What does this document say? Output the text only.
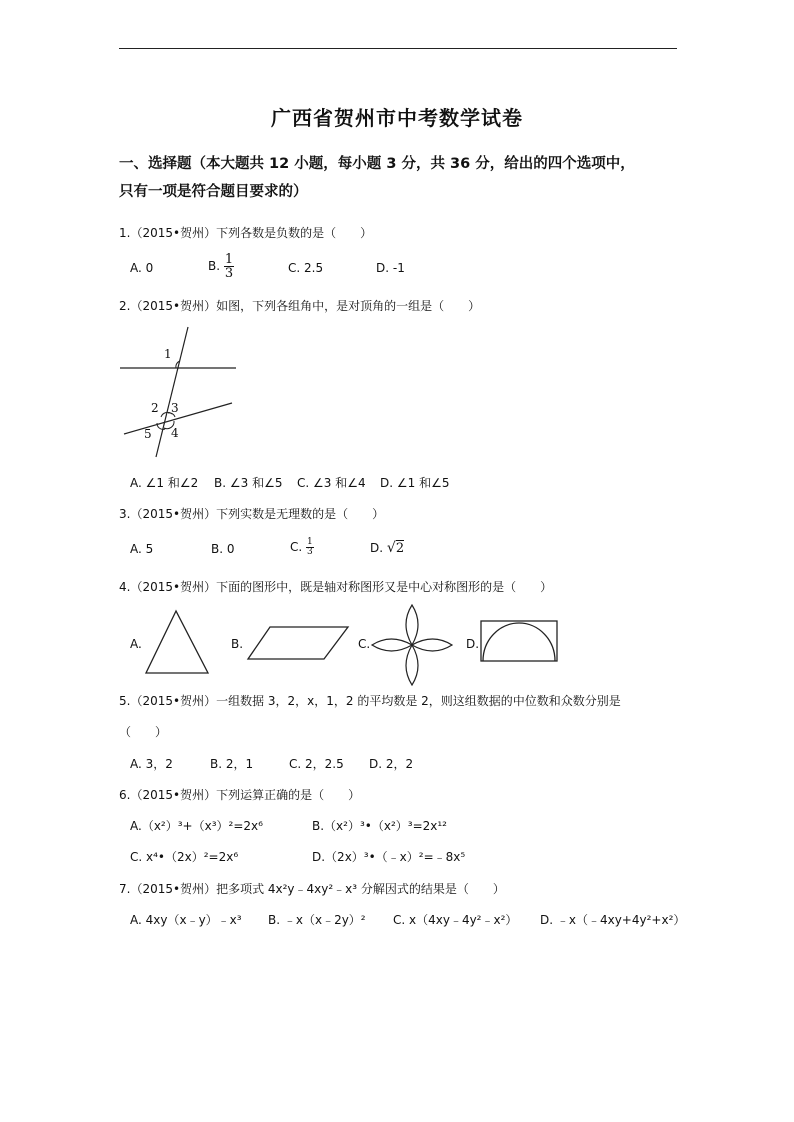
广西省贺州市中考数学试卷
一、选择题（本大题共 12 小题，每小题 3 分，共 36 分，给出的四个选项中，
只有一项是符合题目要求的）
1.（2015•贺州）下列各数是负数的是（　　）
A. 0	B. $\frac{1}{3}$	C. 2.5	D. -1
2.（2015•贺州）如图，下列各组角中，是对顶角的一组是（　　）
1
2 3
4
5
A. ∠1 和∠2 B. ∠3 和∠5 C. ∠3 和∠4 D. ∠1 和∠5
3.（2015•贺州）下列实数是无理数的是（　　）
A. 5	B. 0	C. $\frac{1}{3}$	D. √2
4.（2015•贺州）下面的图形中，既是轴对称图形又是中心对称图形的是（　　）
A.	B.	C.	D.
5.（2015•贺州）一组数据 3，2，x，1，2 的平均数是 2，则这组数据的中位数和众数分别是
（　　）
A. 3，2	B. 2，1	C. 2，2.5 D. 2，2
6.（2015•贺州）下列运算正确的是（　　）
A.（x²）³+（x³）²=2x⁶	B.（x²）³•（x²）³=2x¹²
C. x⁴•（2x）²=2x⁶	D.（2x）³•（﹣x）²=﹣8x⁵
7.（2015•贺州）把多项式 4x²y﹣4xy²﹣x³ 分解因式的结果是（　　）
A. 4xy（x﹣y）﹣x³ B. ﹣x（x﹣2y）² C. x（4xy﹣4y²﹣x²） D. ﹣x（﹣4xy+4y²+x²）
